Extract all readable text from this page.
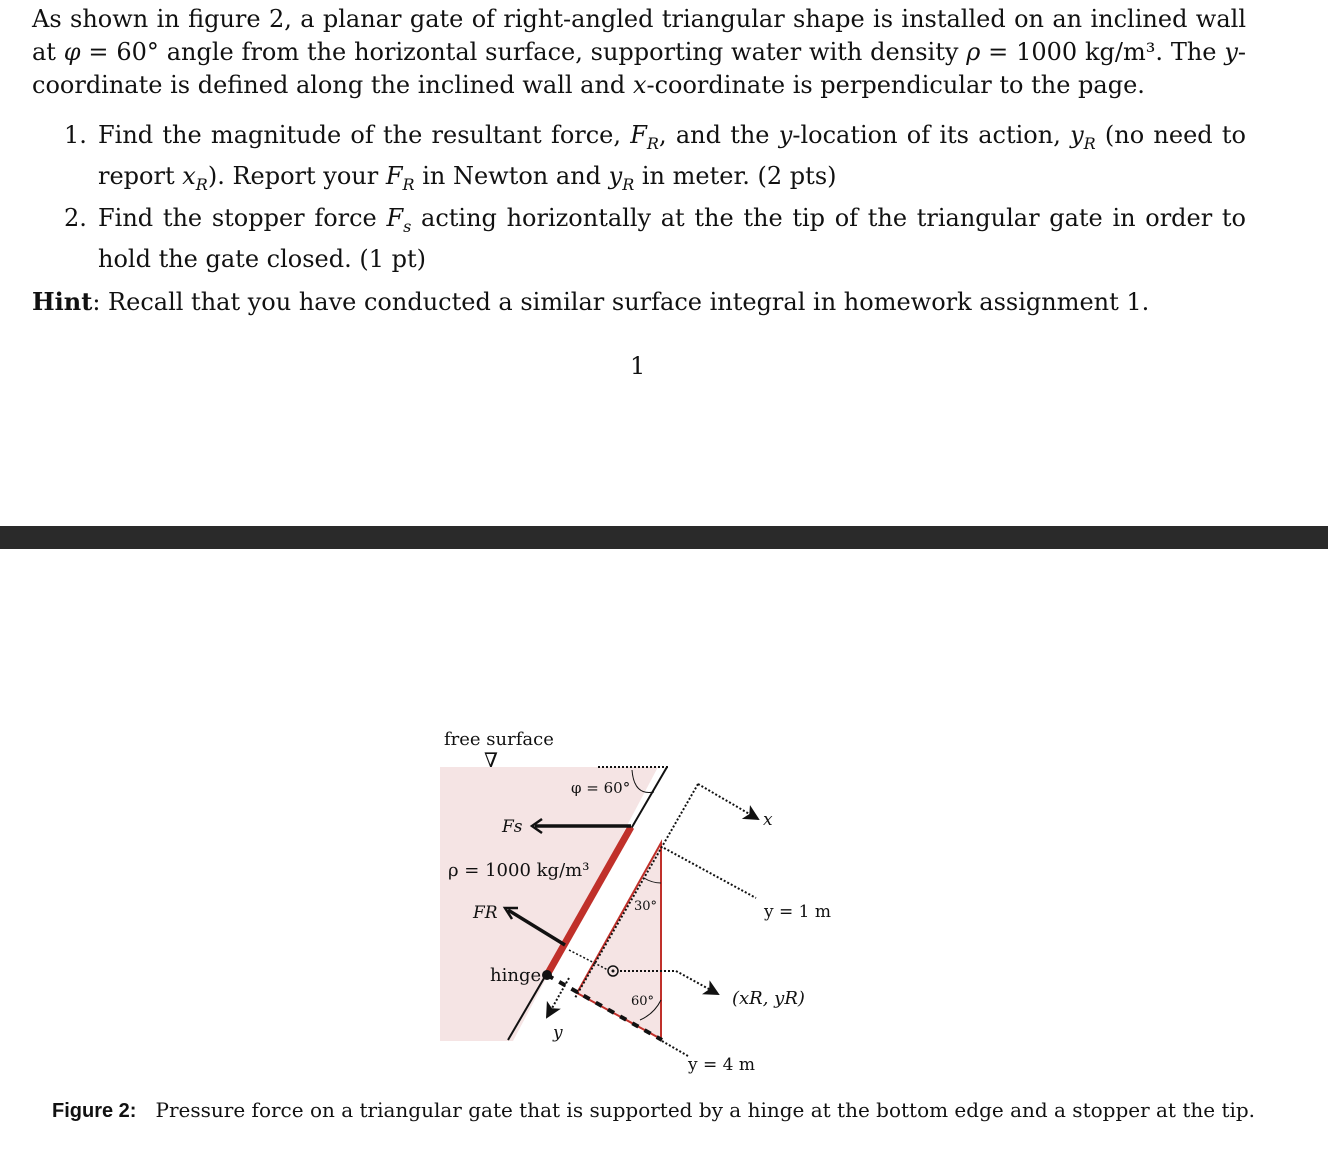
As shown in figure 2, a planar gate of right-angled triangular shape is installed on an inclined wall at φ = 60° angle from the horizontal surface, supporting water with density ρ = 1000 kg/m³. The y-coordinate is defined along the inclined wall and x-coordinate is perpendicular to the page.
1. Find the magnitude of the resultant force, $F_R$, and the y-location of its action, $y_R$ (no need to report $x_R$). Report your $F_R$ in Newton and $y_R$ in meter. (2 pts)
2. Find the stopper force $F_s$ acting horizontally at the the tip of the triangular gate in order to hold the gate closed. (1 pt)
Hint: Recall that you have conducted a similar surface integral in homework assignment 1.
1
free surface
∇
φ = 60°
Fs
ρ = 1000 kg/m³
FR
hinge
30°
60°
y
(xR, yR)
x
y = 1 m
y = 4 m
Figure 2: Pressure force on a triangular gate that is supported by a hinge at the bottom edge and a stopper at the tip.
